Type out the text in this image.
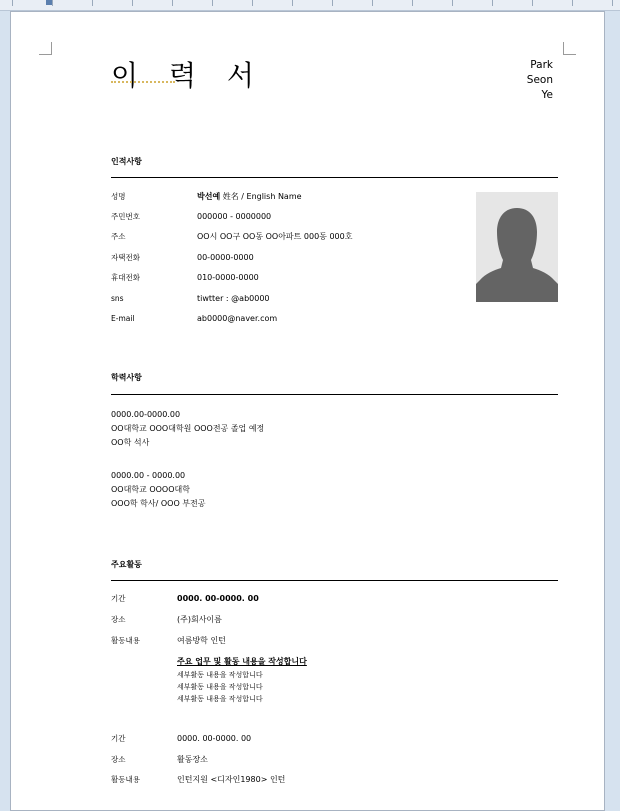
이 력 서	Park
Seon
Ye
인적사항
성명	박선예 姓名 / English Name
주민번호	000000 - 0000000
주소	OO시 OO구 OO동 OO아파트 000동 000호
자택전화	00-0000-0000
휴대전화	010-0000-0000
sns	tiwtter : @ab0000
E-mail	ab0000@naver.com
학력사항
0000.00-0000.00
OO대학교 OOO대학원 OOO전공 졸업 예정
OO학 석사
0000.00 - 0000.00
OO대학교 OOOO대학
OOO학 학사/ OOO 부전공
주요활동
기간	0000. 00-0000. 00
장소	(주)회사이름
활동내용	여름방학 인턴
주요 업무 및 활동 내용을 작성합니다
세부활동 내용을 작성합니다
세부활동 내용을 작성합니다
세부활동 내용을 작성합니다
기간	0000. 00-0000. 00
장소	활동장소
활동내용	인턴지원 <디자인1980> 인턴
